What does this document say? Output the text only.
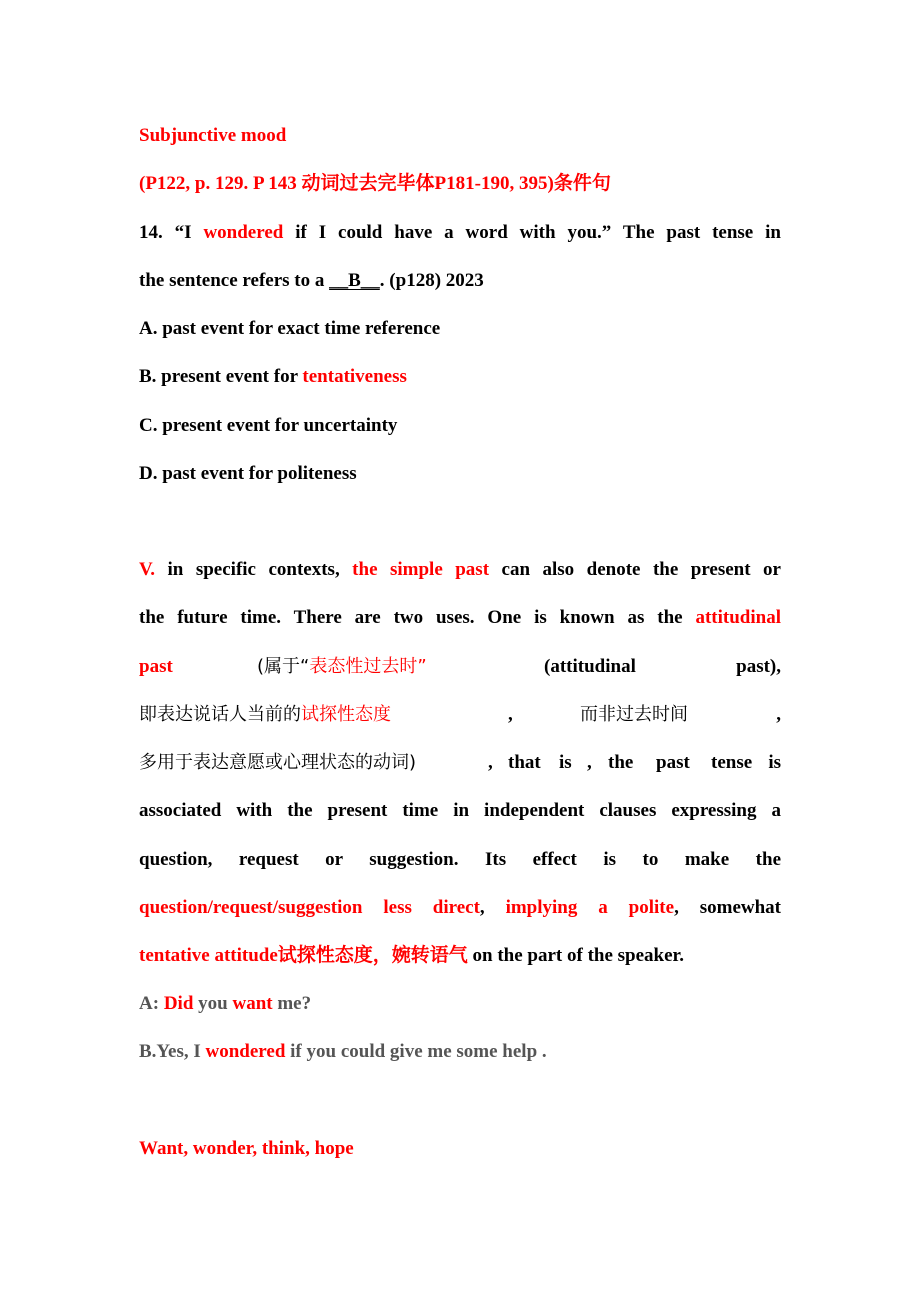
Subjunctive mood
(P122, p. 129. P 143 动词过去完毕体P181-190, 395)条件句
14. “I wondered if I could have a word with you.” The past tense in
the sentence refers to a __B__. (p128) 2023
A. past event for exact time reference
B. present event for tentativeness
C. present event for uncertainty
D. past event for politeness
V. in specific contexts, the simple past can also denote the present or
the future time. There are two uses. One is known as the attitudinal
past	(属于“表态性过去时”	(attitudinal	past),
即表达说话人当前的试探性态度	,	而非过去时间	,
多用于表达意愿或心理状态的动词)	, that is , the past tense is
associated with the present time in independent clauses expressing a
question, request or suggestion. Its effect is to make the
question/request/suggestion less direct, implying a polite, somewhat
tentative attitude试探性态度，婉转语气 on the part of the speaker.
A: Did you want me?
B.Yes, I wondered if you could give me some help .
Want, wonder, think, hope
